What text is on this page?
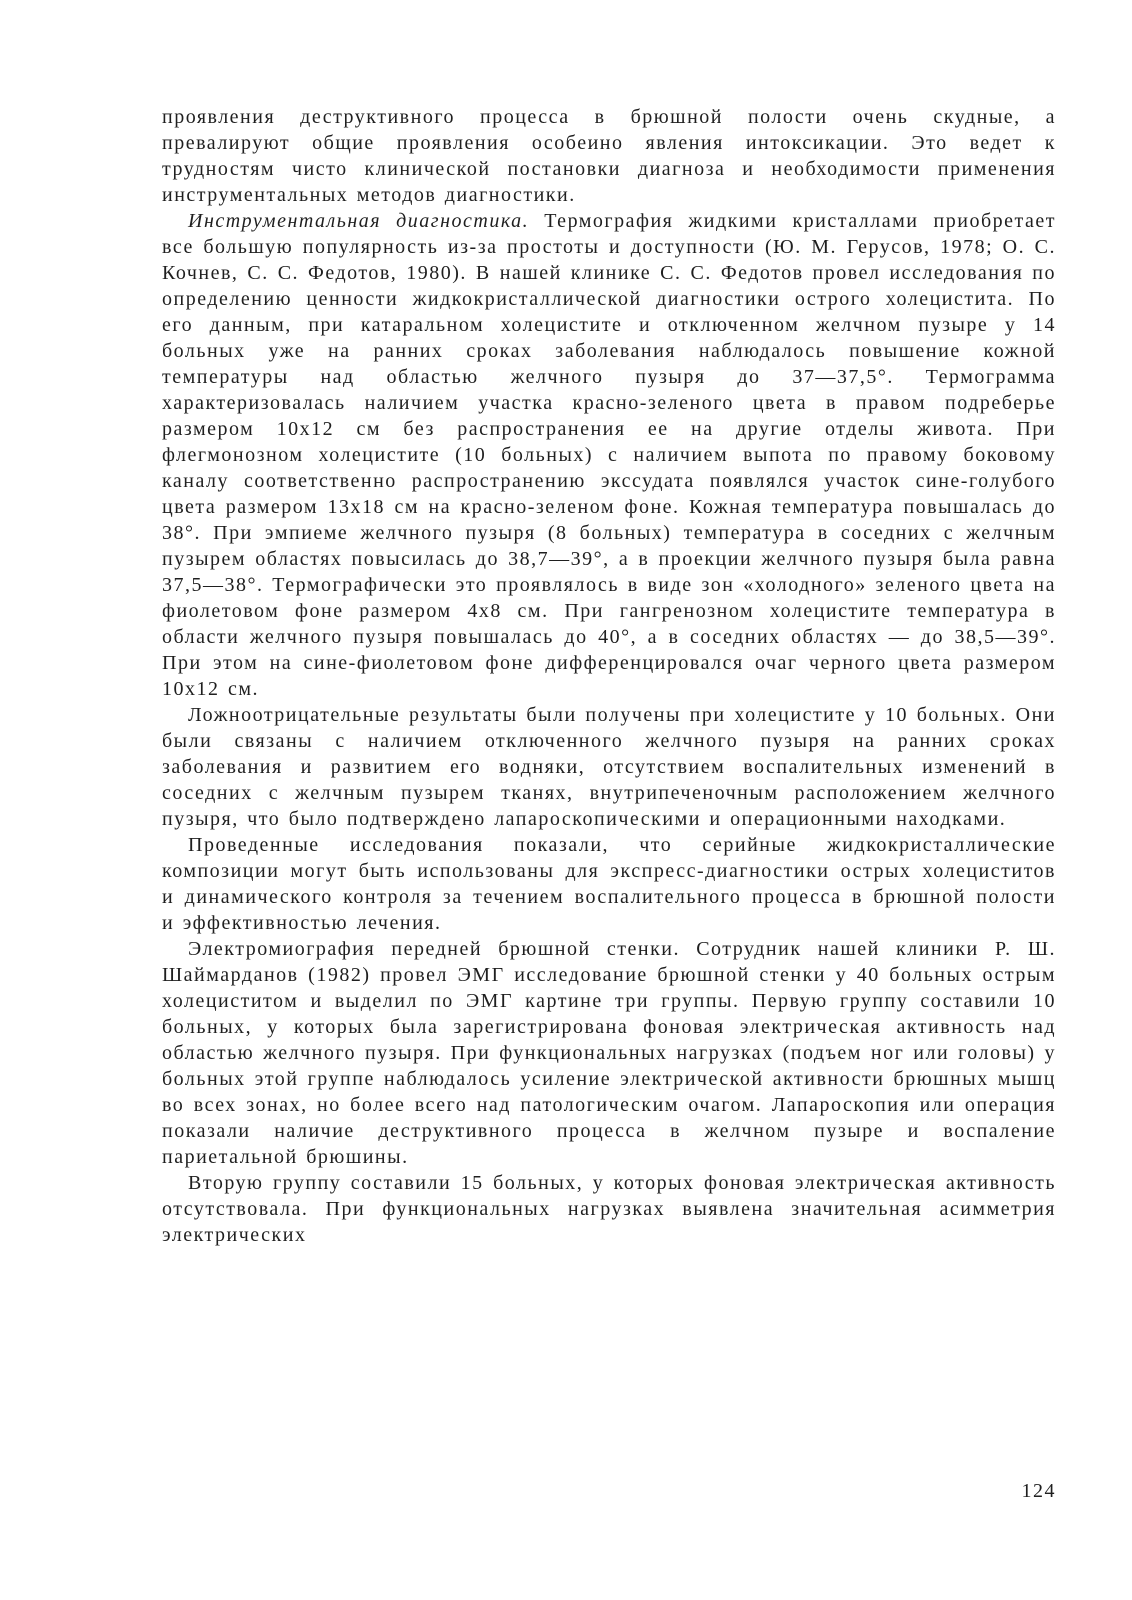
проявления деструктивного процесса в брюшной полости очень скудные, а превалируют общие проявления особеино явления интоксикации. Это ведет к трудностям чисто клинической постановки диагноза и необходимости применения инструментальных методов диагностики.

Инструментальная диагностика. Термография жидкими кристаллами приобретает все большую популярность из-за простоты и доступности (Ю. М. Герусов, 1978; О. С. Кочнев, С. С. Федотов, 1980). В нашей клинике С. С. Федотов провел исследования по определению ценности жидкокристаллической диагностики острого холецистита. По его данным, при катаральном холецистите и отключенном желчном пузыре у 14 больных уже на ранних сроках заболевания наблюдалось повышение кожной температуры над областью желчного пузыря до 37—37,5°. Термограмма характеризовалась наличием участка красно-зеленого цвета в правом подреберье размером 10х12 см без распространения ее на другие отделы живота. При флегмонозном холецистите (10 больных) с наличием выпота по правому боковому каналу соответственно распространению экссудата появлялся участок сине-голубого цвета размером 13х18 см на красно-зеленом фоне. Кожная температура повышалась до 38°. При эмпиеме желчного пузыря (8 больных) температура в соседних с желчным пузырем областях повысилась до 38,7—39°, а в проекции желчного пузыря была равна 37,5—38°. Термографически это проявлялось в виде зон «холодного» зеленого цвета на фиолетовом фоне размером 4х8 см. При гангренозном холецистите температура в области желчного пузыря повышалась до 40°, а в соседних областях — до 38,5—39°. При этом на сине-фиолетовом фоне дифференцировался очаг черного цвета размером 10х12 см.

Ложноотрицательные результаты были получены при холецистите у 10 больных. Они были связаны с наличием отключенного желчного пузыря на ранних сроках заболевания и развитием его водняки, отсутствием воспалительных изменений в соседних с желчным пузырем тканях, внутрипеченочным расположением желчного пузыря, что было подтверждено лапароскопическими и операционными находками.

Проведенные исследования показали, что серийные жидкокристаллические композиции могут быть использованы для экспресс-диагностики острых холециститов и динамического контроля за течением воспалительного процесса в брюшной полости и эффективностью лечения.

Электромиография передней брюшной стенки. Сотрудник нашей клиники Р. Ш. Шаймарданов (1982) провел ЭМГ исследование брюшной стенки у 40 больных острым холециститом и выделил по ЭМГ картине три группы. Первую группу составили 10 больных, у которых была зарегистрирована фоновая электрическая активность над областью желчного пузыря. При функциональных нагрузках (подъем ног или головы) у больных этой группе наблюдалось усиление электрической активности брюшных мышц во всех зонах, но более всего над патологическим очагом. Лапароскопия или операция показали наличие деструктивного процесса в желчном пузыре и воспаление париетальной брюшины.

Вторую группу составили 15 больных, у которых фоновая электрическая активность отсутствовала. При функциональных нагрузках выявлена значительная асимметрия электрических

124
